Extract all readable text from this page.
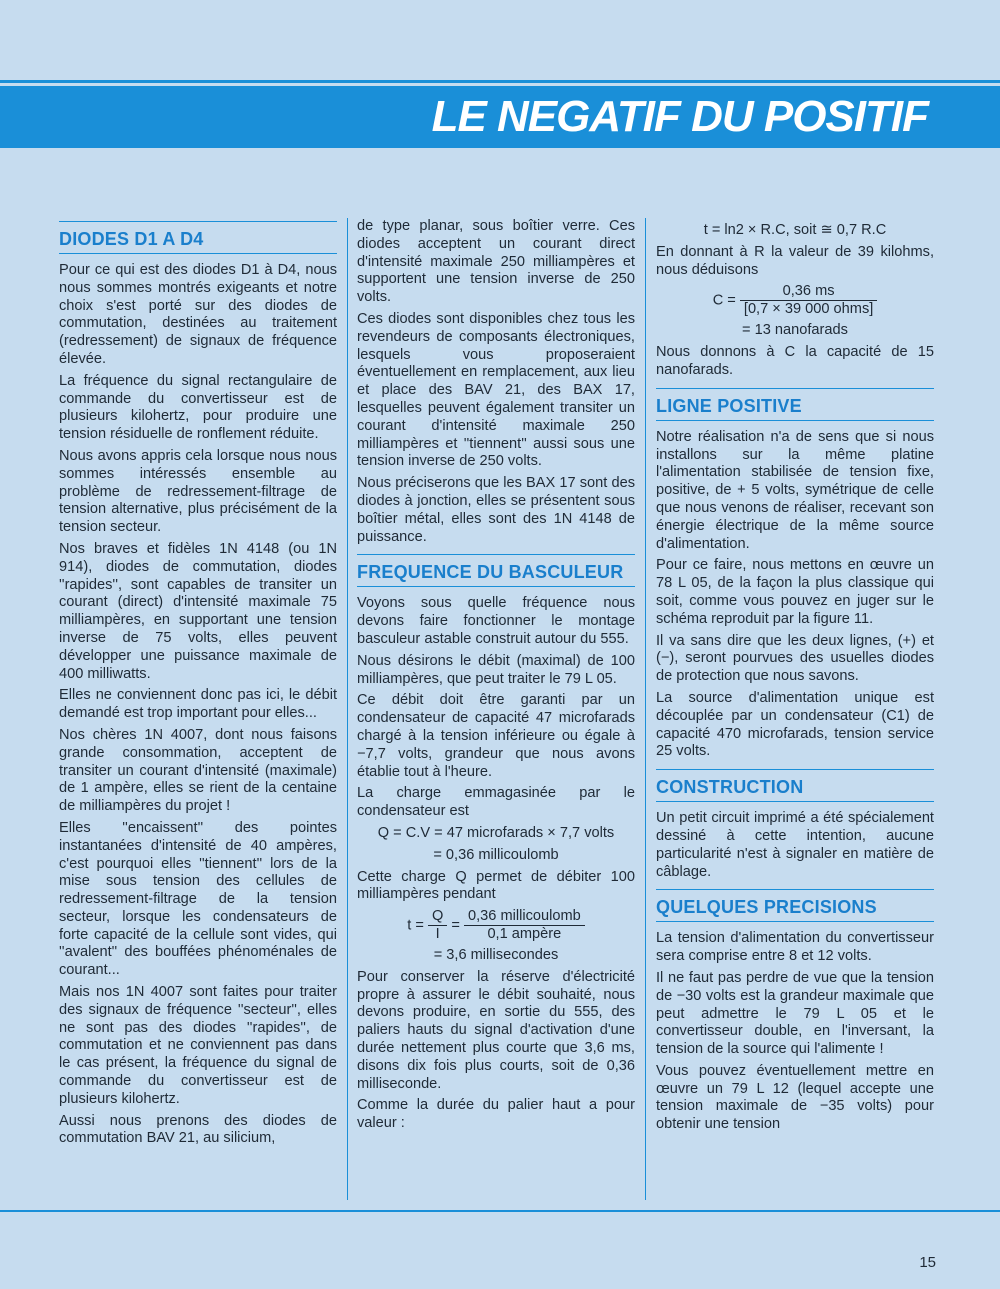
LE NEGATIF DU POSITIF
DIODES D1 A D4

Pour ce qui est des diodes D1 à D4, nous nous sommes montrés exigeants et notre choix s'est porté sur des diodes de commutation, destinées au traitement (redressement) de signaux de fréquence élevée.

La fréquence du signal rectangulaire de commande du convertisseur est de plusieurs kilohertz, pour produire une tension résiduelle de ronflement réduite.

Nous avons appris cela lorsque nous nous sommes intéressés ensemble au problème de redressement-filtrage de tension alternative, plus précisément de la tension secteur.

Nos braves et fidèles 1N 4148 (ou 1N 914), diodes de commutation, diodes ''rapides'', sont capables de transiter un courant (direct) d'intensité maximale 75 milliampères, en supportant une tension inverse de 75 volts, elles peuvent développer une puissance maximale de 400 milliwatts.

Elles ne conviennent donc pas ici, le débit demandé est trop important pour elles...

Nos chères 1N 4007, dont nous faisons grande consommation, acceptent de transiter un courant d'intensité (maximale) de 1 ampère, elles se rient de la centaine de milliampères du projet !

Elles ''encaissent'' des pointes instantanées d'intensité de 40 ampères, c'est pourquoi elles ''tiennent'' lors de la mise sous tension des cellules de redressement-filtrage de la tension secteur, lorsque les condensateurs de forte capacité de la cellule sont vides, qui ''avalent'' des bouffées phénoménales de courant...

Mais nos 1N 4007 sont faites pour traiter des signaux de fréquence ''secteur'', elles ne sont pas des diodes ''rapides'', de commutation et ne conviennent pas dans le cas présent, la fréquence du signal de commande du convertisseur est de plusieurs kilohertz.

Aussi nous prenons des diodes de commutation BAV 21, au silicium,

de type planar, sous boîtier verre. Ces diodes acceptent un courant direct d'intensité maximale 250 milliampères et supportent une tension inverse de 250 volts.

Ces diodes sont disponibles chez tous les revendeurs de composants électroniques, lesquels vous proposeraient éventuellement en remplacement, aux lieu et place des BAV 21, des BAX 17, lesquelles peuvent également transiter un courant d'intensité maximale 250 milliampères et ''tiennent'' aussi sous une tension inverse de 250 volts.

Nous préciserons que les BAX 17 sont des diodes à jonction, elles se présentent sous boîtier métal, elles sont des 1N 4148 de puissance.

FREQUENCE DU BASCULEUR

Voyons sous quelle fréquence nous devons faire fonctionner le montage basculeur astable construit autour du 555.

Nous désirons le débit (maximal) de 100 milliampères, que peut traiter le 79 L 05.

Ce débit doit être garanti par un condensateur de capacité 47 microfarads chargé à la tension inférieure ou égale à −7,7 volts, grandeur que nous avons établie tout à l'heure.

La charge emmagasinée par le condensateur est

Q = C.V = 47 microfarads × 7,7 volts
= 0,36 millicoulomb

Cette charge Q permet de débiter 100 milliampères pendant

$t = \frac{Q}{I} = \frac{\text{0,36 millicoulomb}}{\text{0,1 ampère}}$
= 3,6 millisecondes

Pour conserver la réserve d'électricité propre à assurer le débit souhaité, nous devons produire, en sortie du 555, des paliers hauts du signal d'activation d'une durée nettement plus courte que 3,6 ms, disons dix fois plus courts, soit de 0,36 milliseconde.

Comme la durée du palier haut a pour valeur :

t = ln2 × R.C, soit ≅ 0,7 R.C

En donnant à R la valeur de 39 kilohms, nous déduisons

$C = \frac{0,36 ms}{\text{[0,7 × 39 000 ohms]}}$
= 13 nanofarads

Nous donnons à C la capacité de 15 nanofarads.

LIGNE POSITIVE

Notre réalisation n'a de sens que si nous installons sur la même platine l'alimentation stabilisée de tension fixe, positive, de + 5 volts, symétrique de celle que nous venons de réaliser, recevant son énergie électrique de la même source d'alimentation.

Pour ce faire, nous mettons en œuvre un 78 L 05, de la façon la plus classique qui soit, comme vous pouvez en juger sur le schéma reproduit par la figure 11.

Il va sans dire que les deux lignes, (+) et (−), seront pourvues des usuelles diodes de protection que nous savons.

La source d'alimentation unique est découplée par un condensateur (C1) de capacité 470 microfarads, tension service 25 volts.

CONSTRUCTION

Un petit circuit imprimé a été spécialement dessiné à cette intention, aucune particularité n'est à signaler en matière de câblage.

QUELQUES PRECISIONS

La tension d'alimentation du convertisseur sera comprise entre 8 et 12 volts.

Il ne faut pas perdre de vue que la tension de −30 volts est la grandeur maximale que peut admettre le 79 L 05 et le convertisseur double, en l'inversant, la tension de la source qui l'alimente !

Vous pouvez éventuellement mettre en œuvre un 79 L 12 (lequel accepte une tension maximale de −35 volts) pour obtenir une tension

15
